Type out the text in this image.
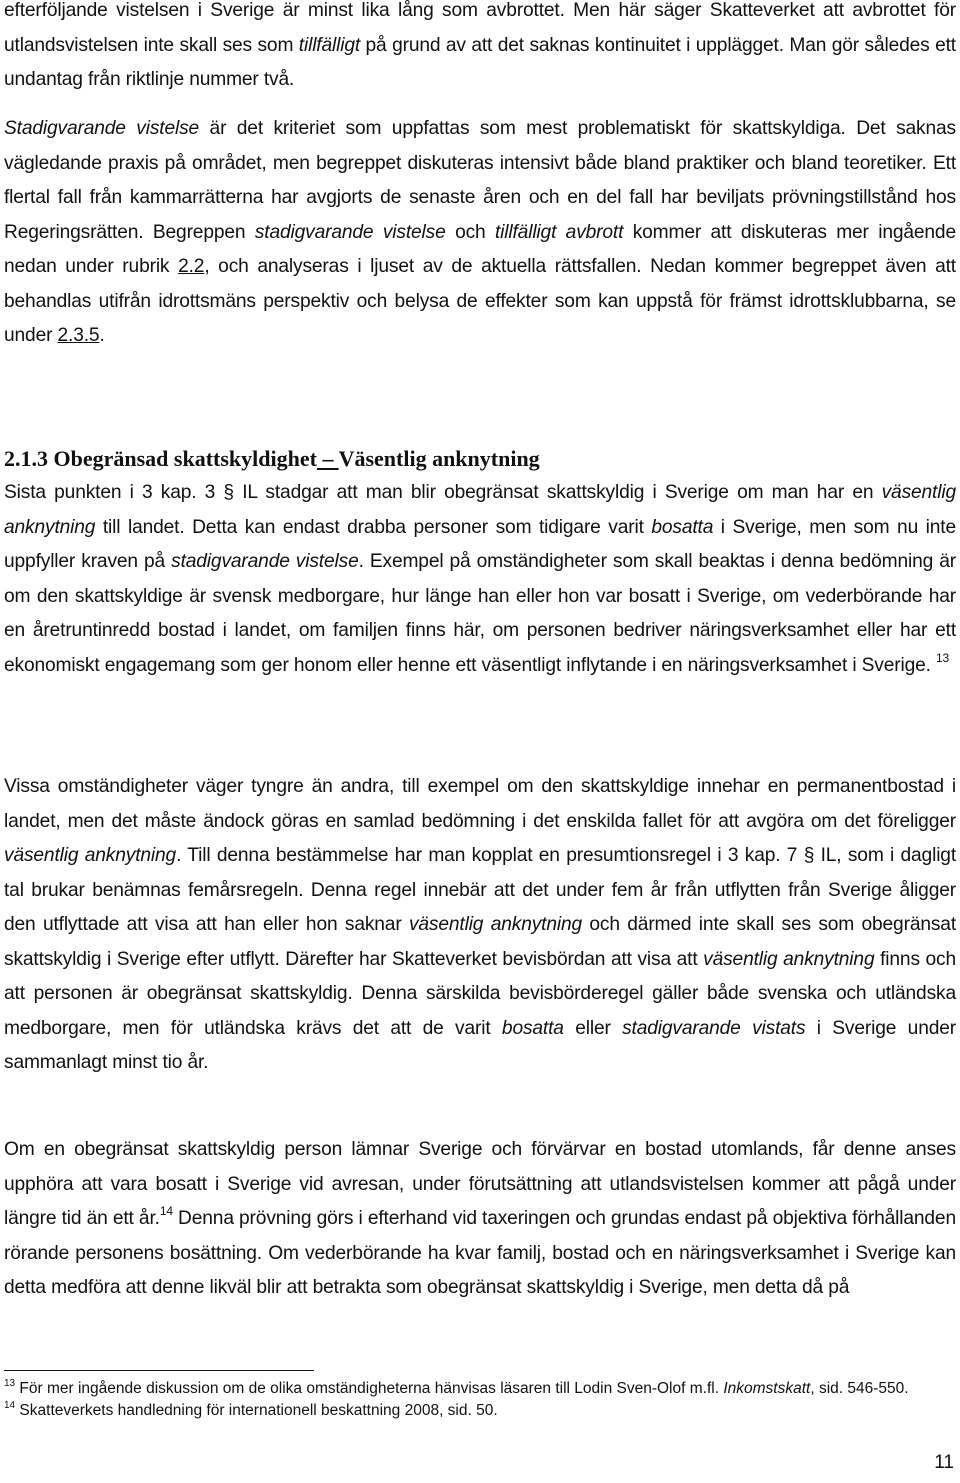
efterföljande vistelsen i Sverige är minst lika lång som avbrottet. Men här säger Skatteverket att avbrottet för utlandsvistelsen inte skall ses som tillfälligt på grund av att det saknas kontinuitet i upplägget. Man gör således ett undantag från riktlinje nummer två.

Stadigvarande vistelse är det kriteriet som uppfattas som mest problematiskt för skattskyldiga. Det saknas vägledande praxis på området, men begreppet diskuteras intensivt både bland praktiker och bland teoretiker. Ett flertal fall från kammarrätterna har avgjorts de senaste åren och en del fall har beviljats prövningstillstånd hos Regeringsrätten. Begreppen stadigvarande vistelse och tillfälligt avbrott kommer att diskuteras mer ingående nedan under rubrik 2.2, och analyseras i ljuset av de aktuella rättsfallen. Nedan kommer begreppet även att behandlas utifrån idrottsmäns perspektiv och belysa de effekter som kan uppstå för främst idrottsklubbarna, se under 2.3.5.

2.1.3 Obegränsad skattskyldighet – Väsentlig anknytning

Sista punkten i 3 kap. 3 § IL stadgar att man blir obegränsat skattskyldig i Sverige om man har en väsentlig anknytning till landet. Detta kan endast drabba personer som tidigare varit bosatta i Sverige, men som nu inte uppfyller kraven på stadigvarande vistelse. Exempel på omständigheter som skall beaktas i denna bedömning är om den skattskyldige är svensk medborgare, hur länge han eller hon var bosatt i Sverige, om vederbörande har en åretruntinredd bostad i landet, om familjen finns här, om personen bedriver näringsverksamhet eller har ett ekonomiskt engagemang som ger honom eller henne ett väsentligt inflytande i en näringsverksamhet i Sverige. $^{13}$

Vissa omständigheter väger tyngre än andra, till exempel om den skattskyldige innehar en permanentbostad i landet, men det måste ändock göras en samlad bedömning i det enskilda fallet för att avgöra om det föreligger väsentlig anknytning. Till denna bestämmelse har man kopplat en presumtionsregel i 3 kap. 7 § IL, som i dagligt tal brukar benämnas femårsregeln. Denna regel innebär att det under fem år från utflytten från Sverige åligger den utflyttade att visa att han eller hon saknar väsentlig anknytning och därmed inte skall ses som obegränsat skattskyldig i Sverige efter utflytt. Därefter har Skatteverket bevisbördan att visa att väsentlig anknytning finns och att personen är obegränsat skattskyldig. Denna särskilda bevisbörderegel gäller både svenska och utländska medborgare, men för utländska krävs det att de varit bosatta eller stadigvarande vistats i Sverige under sammanlagt minst tio år.

Om en obegränsat skattskyldig person lämnar Sverige och förvärvar en bostad utomlands, får denne anses upphöra att vara bosatt i Sverige vid avresan, under förutsättning att utlandsvistelsen kommer att pågå under längre tid än ett år.$^{14}$ Denna prövning görs i efterhand vid taxeringen och grundas endast på objektiva förhållanden rörande personens bosättning. Om vederbörande ha kvar familj, bostad och en näringsverksamhet i Sverige kan detta medföra att denne likväl blir att betrakta som obegränsat skattskyldig i Sverige, men detta då på

$^{13}$ För mer ingående diskussion om de olika omständigheterna hänvisas läsaren till Lodin Sven-Olof m.fl. Inkomstskatt, sid. 546-550.

$^{14}$ Skatteverkets handledning för internationell beskattning 2008, sid. 50.

11
